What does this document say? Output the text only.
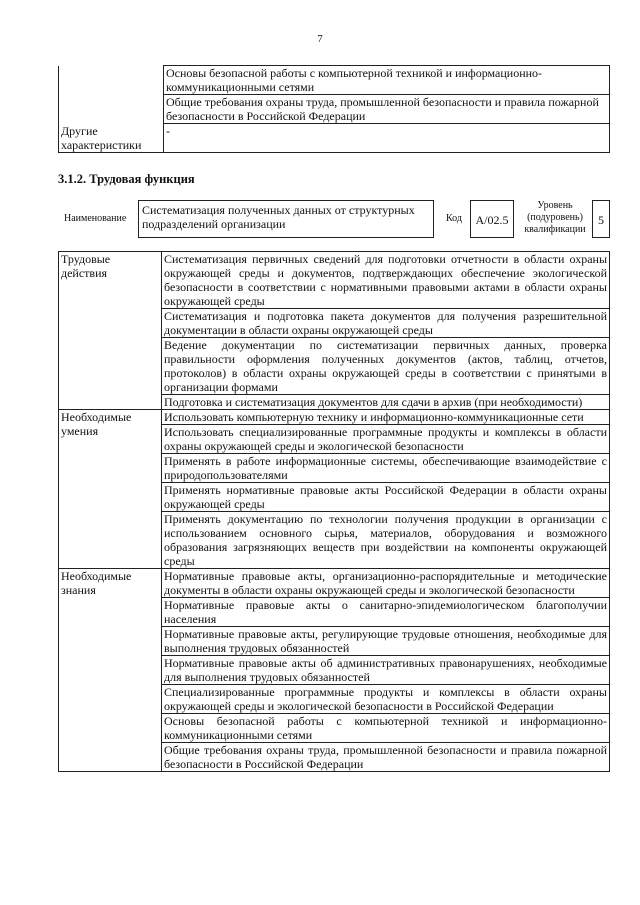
7
	Основы безопасной работы с компьютерной техникой и информационно-коммуникационными сетями
	Общие требования охраны труда, промышленной безопасности и правила пожарной безопасности в Российской Федерации
Другие характеристики	-
3.1.2. Трудовая функция
Наименование
Систематизация полученных данных от структурных подразделений организации	Код	A/02.5
Уровень (подуровень) квалификации
5
Трудовые действия	Систематизация первичных сведений для подготовки отчетности в области охраны окружающей среды и документов, подтверждающих обеспечение экологической безопасности в соответствии с нормативными правовыми актами в области охраны окружающей среды
	Систематизация и подготовка пакета документов для получения разрешительной документации в области охраны окружающей среды
	Ведение документации по систематизации первичных данных, проверка правильности оформления полученных документов (актов, таблиц, отчетов, протоколов) в области охраны окружающей среды в соответствии с принятыми в организации формами
	Подготовка и систематизация документов для сдачи в архив (при необходимости)
Необходимые умения	Использовать компьютерную технику и информационно-коммуникационные сети
	Использовать специализированные программные продукты и комплексы в области охраны окружающей среды и экологической безопасности
	Применять в работе информационные системы, обеспечивающие взаимодействие с природопользователями
	Применять нормативные правовые акты Российской Федерации в области охраны окружающей среды
	Применять документацию по технологии получения продукции в организации с использованием основного сырья, материалов, оборудования и возможного образования загрязняющих веществ при воздействии на компоненты окружающей среды
Необходимые знания	Нормативные правовые акты, организационно-распорядительные и методические документы в области охраны окружающей среды и экологической безопасности
	Нормативные правовые акты о санитарно-эпидемиологическом благополучии населения
	Нормативные правовые акты, регулирующие трудовые отношения, необходимые для выполнения трудовых обязанностей
	Нормативные правовые акты об административных правонарушениях, необходимые для выполнения трудовых обязанностей
	Специализированные программные продукты и комплексы в области охраны окружающей среды и экологической безопасности в Российской Федерации
	Основы безопасной работы с компьютерной техникой и информационно-коммуникационными сетями
	Общие требования охраны труда, промышленной безопасности и правила пожарной безопасности в Российской Федерации
